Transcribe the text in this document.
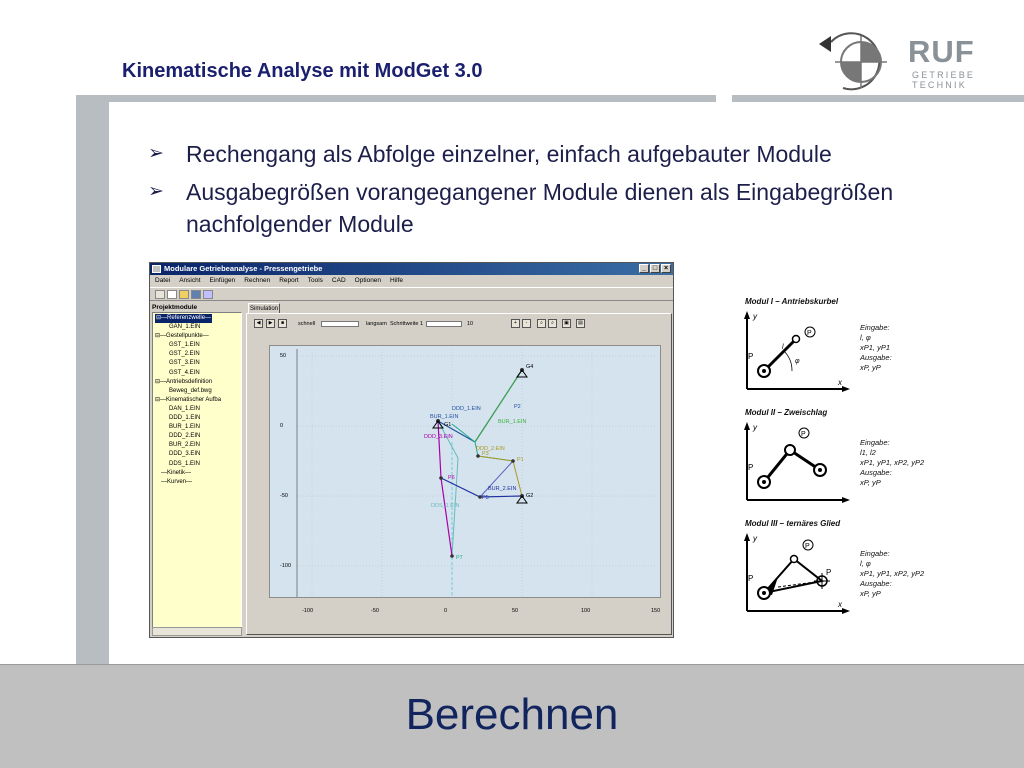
Kinematische Analyse mit ModGet 3.0
RUF
GETRIEBE
TECHNIK
➢ Rechengang als Abfolge einzelner, einfach aufgebauter Module
➢ Ausgabegrößen vorangegangener Module dienen als Eingabegrößen nachfolgender Module
Modulare Getriebeanalyse - Pressengetriebe	_ □ ×
Datei Ansicht Einfügen Rechnen Report Tools CAD Optionen Hilfe
Projektmodule
⊟—Referenzwelle—
GAN_1.EIN
⊟—Gestellpunkte—
GST_1.EIN
GST_2.EIN
GST_3.EIN
GST_4.EIN
⊟—Antriebsdefinition
Beweg_def.bwg
⊟—Kinematischer Aufba
DAN_1.EIN
DDD_1.EIN
BUR_1.EIN
DDD_2.EIN
BUR_2.EIN
DDD_3.EIN
DDS_1.EIN
—Kinetik—
—Kurven—
Simulation
◀	▶	■	schnell	langsam Schrittweite 1	10	+	-	⌕	⌕	▣	▤
50
0
-50
-100
-100	-50	0	50	100	150
G4
G1
G2
P2
P1
P3
P5
P6
P7
DDD_1.EIN
BUR_1.EIN
BUR_1.EIN
DDD_3.EIN
DDD_2.EIN
BUR_2.EIN
DDS_1.EIN
Modul I – Antriebskurbel
y
x
P
φ
l
P
Eingabe:
l, φ
xP1, yP1
Ausgabe:
xP, yP
Modul II – Zweischlag
y
P
P
Eingabe:
l1, l2
xP1, yP1, xP2, yP2
Ausgabe:
xP, yP
Modul III – ternäres Glied
y
x
P
P
P
Eingabe:
l, φ
xP1, yP1, xP2, yP2
Ausgabe:
xP, yP
Berechnen
